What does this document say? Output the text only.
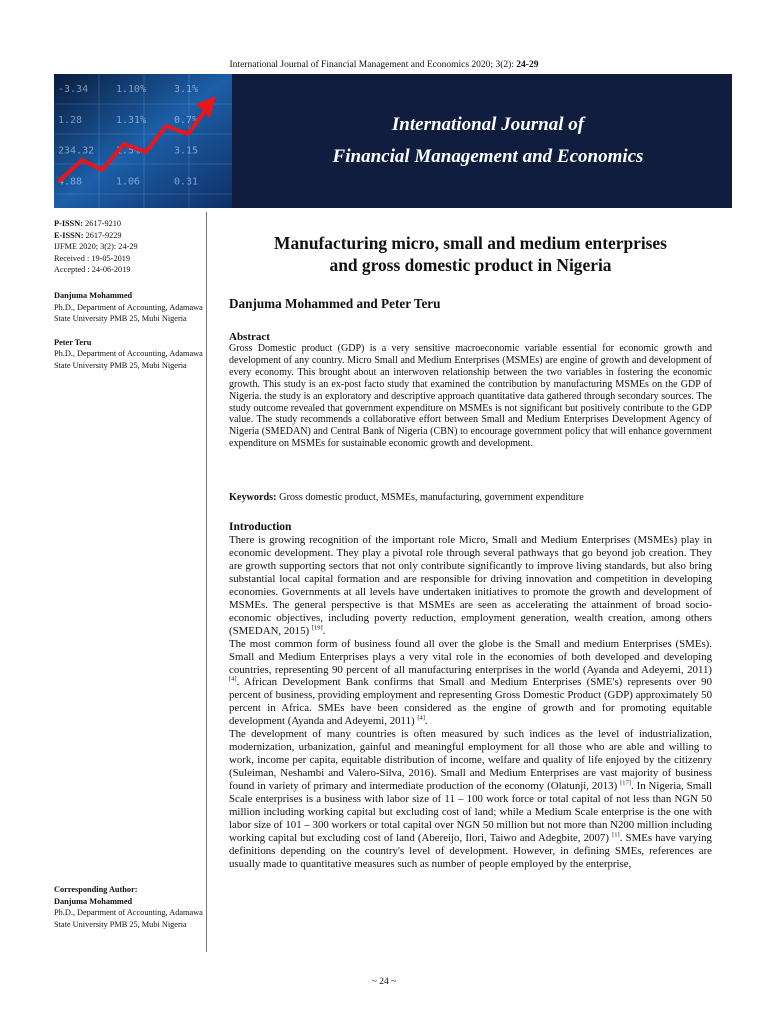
International Journal of Financial Management and Economics 2020; 3(2): 24-29
-3.34	1.10%	3.1%
1.28	1.31%	0.7%
234.32 1.5%	3.15
4.88	1.06	0.31
International Journal of
Financial Management and Economics
P-ISSN: 2617-9210
E-ISSN: 2617-9229
IJFME 2020; 3(2): 24-29
Received : 19-05-2019
Accepted : 24-06-2019
Danjuma Mohammed
Ph.D., Department of Accounting, Adamawa State University PMB 25, Mubi Nigeria
Peter Teru
Ph.D., Department of Accounting, Adamawa State University PMB 25, Mubi Nigeria
Corresponding Author:
Danjuma Mohammed
Ph.D., Department of Accounting, Adamawa State University PMB 25, Mubi Nigeria
Manufacturing micro, small and medium enterprises
and gross domestic product in Nigeria
Danjuma Mohammed and Peter Teru
Abstract
Gross Domestic product (GDP) is a very sensitive macroeconomic variable essential for economic growth and development of any country. Micro Small and Medium Enterprises (MSMEs) are engine of growth and development of every economy. This brought about an interwoven relationship between the two variables in fostering the economic growth. This study is an ex-post facto study that examined the contribution by manufacturing MSMEs on the GDP of Nigeria. the study is an exploratory and descriptive approach quantitative data gathered through secondary sources. The study outcome revealed that government expenditure on MSMEs is not significant but positively contribute to the GDP value. The study recommends a collaborative effort between Small and Medium Enterprises Development Agency of Nigeria (SMEDAN) and Central Bank of Nigeria (CBN) to encourage government policy that will enhance government expenditure on MSMEs for sustainable economic growth and development.
Keywords: Gross domestic product, MSMEs, manufacturing, government expenditure
Introduction

There is growing recognition of the important role Micro, Small and Medium Enterprises (MSMEs) play in economic development. They play a pivotal role through several pathways that go beyond job creation. They are growth supporting sectors that not only contribute significantly to improve living standards, but also bring substantial local capital formation and are responsible for driving innovation and competition in developing economies. Governments at all levels have undertaken initiatives to promote the growth and development of MSMEs. The general perspective is that MSMEs are seen as accelerating the attainment of broad socio-economic objectives, including poverty reduction, employment generation, wealth creation, among others (SMEDAN, 2015) [19].

The most common form of business found all over the globe is the Small and medium Enterprises (SMEs). Small and Medium Enterprises plays a very vital role in the economies of both developed and developing countries, representing 90 percent of all manufacturing enterprises in the world (Ayanda and Adeyemi, 2011) [4]. African Development Bank confirms that Small and Medium Enterprises (SME's) represents over 90 percent of business, providing employment and representing Gross Domestic Product (GDP) approximately 50 percent in Africa. SMEs have been considered as the engine of growth and for promoting equitable development (Ayanda and Adeyemi, 2011) [4].

The development of many countries is often measured by such indices as the level of industrialization, modernization, urbanization, gainful and meaningful employment for all those who are able and willing to work, income per capita, equitable distribution of income, welfare and quality of life enjoyed by the citizenry (Suleiman, Neshambi and Valero-Silva, 2016). Small and Medium Enterprises are vast majority of business found in variety of primary and intermediate production of the economy (Olatunji, 2013) [17]. In Nigeria, Small Scale enterprises is a business with labor size of 11 – 100 work force or total capital of not less than NGN 50 million including working capital but excluding cost of land; while a Medium Scale enterprise is the one with labor size of 101 – 300 workers or total capital over NGN 50 million but not more than N200 million including working capital but excluding cost of land (Abereijo, Ilori, Taiwo and Adegbite, 2007) [1]. SMEs have varying definitions depending on the country's level of development. However, in defining SMEs, references are usually made to quantitative measures such as number of people employed by the enterprise,

~ 24 ~
